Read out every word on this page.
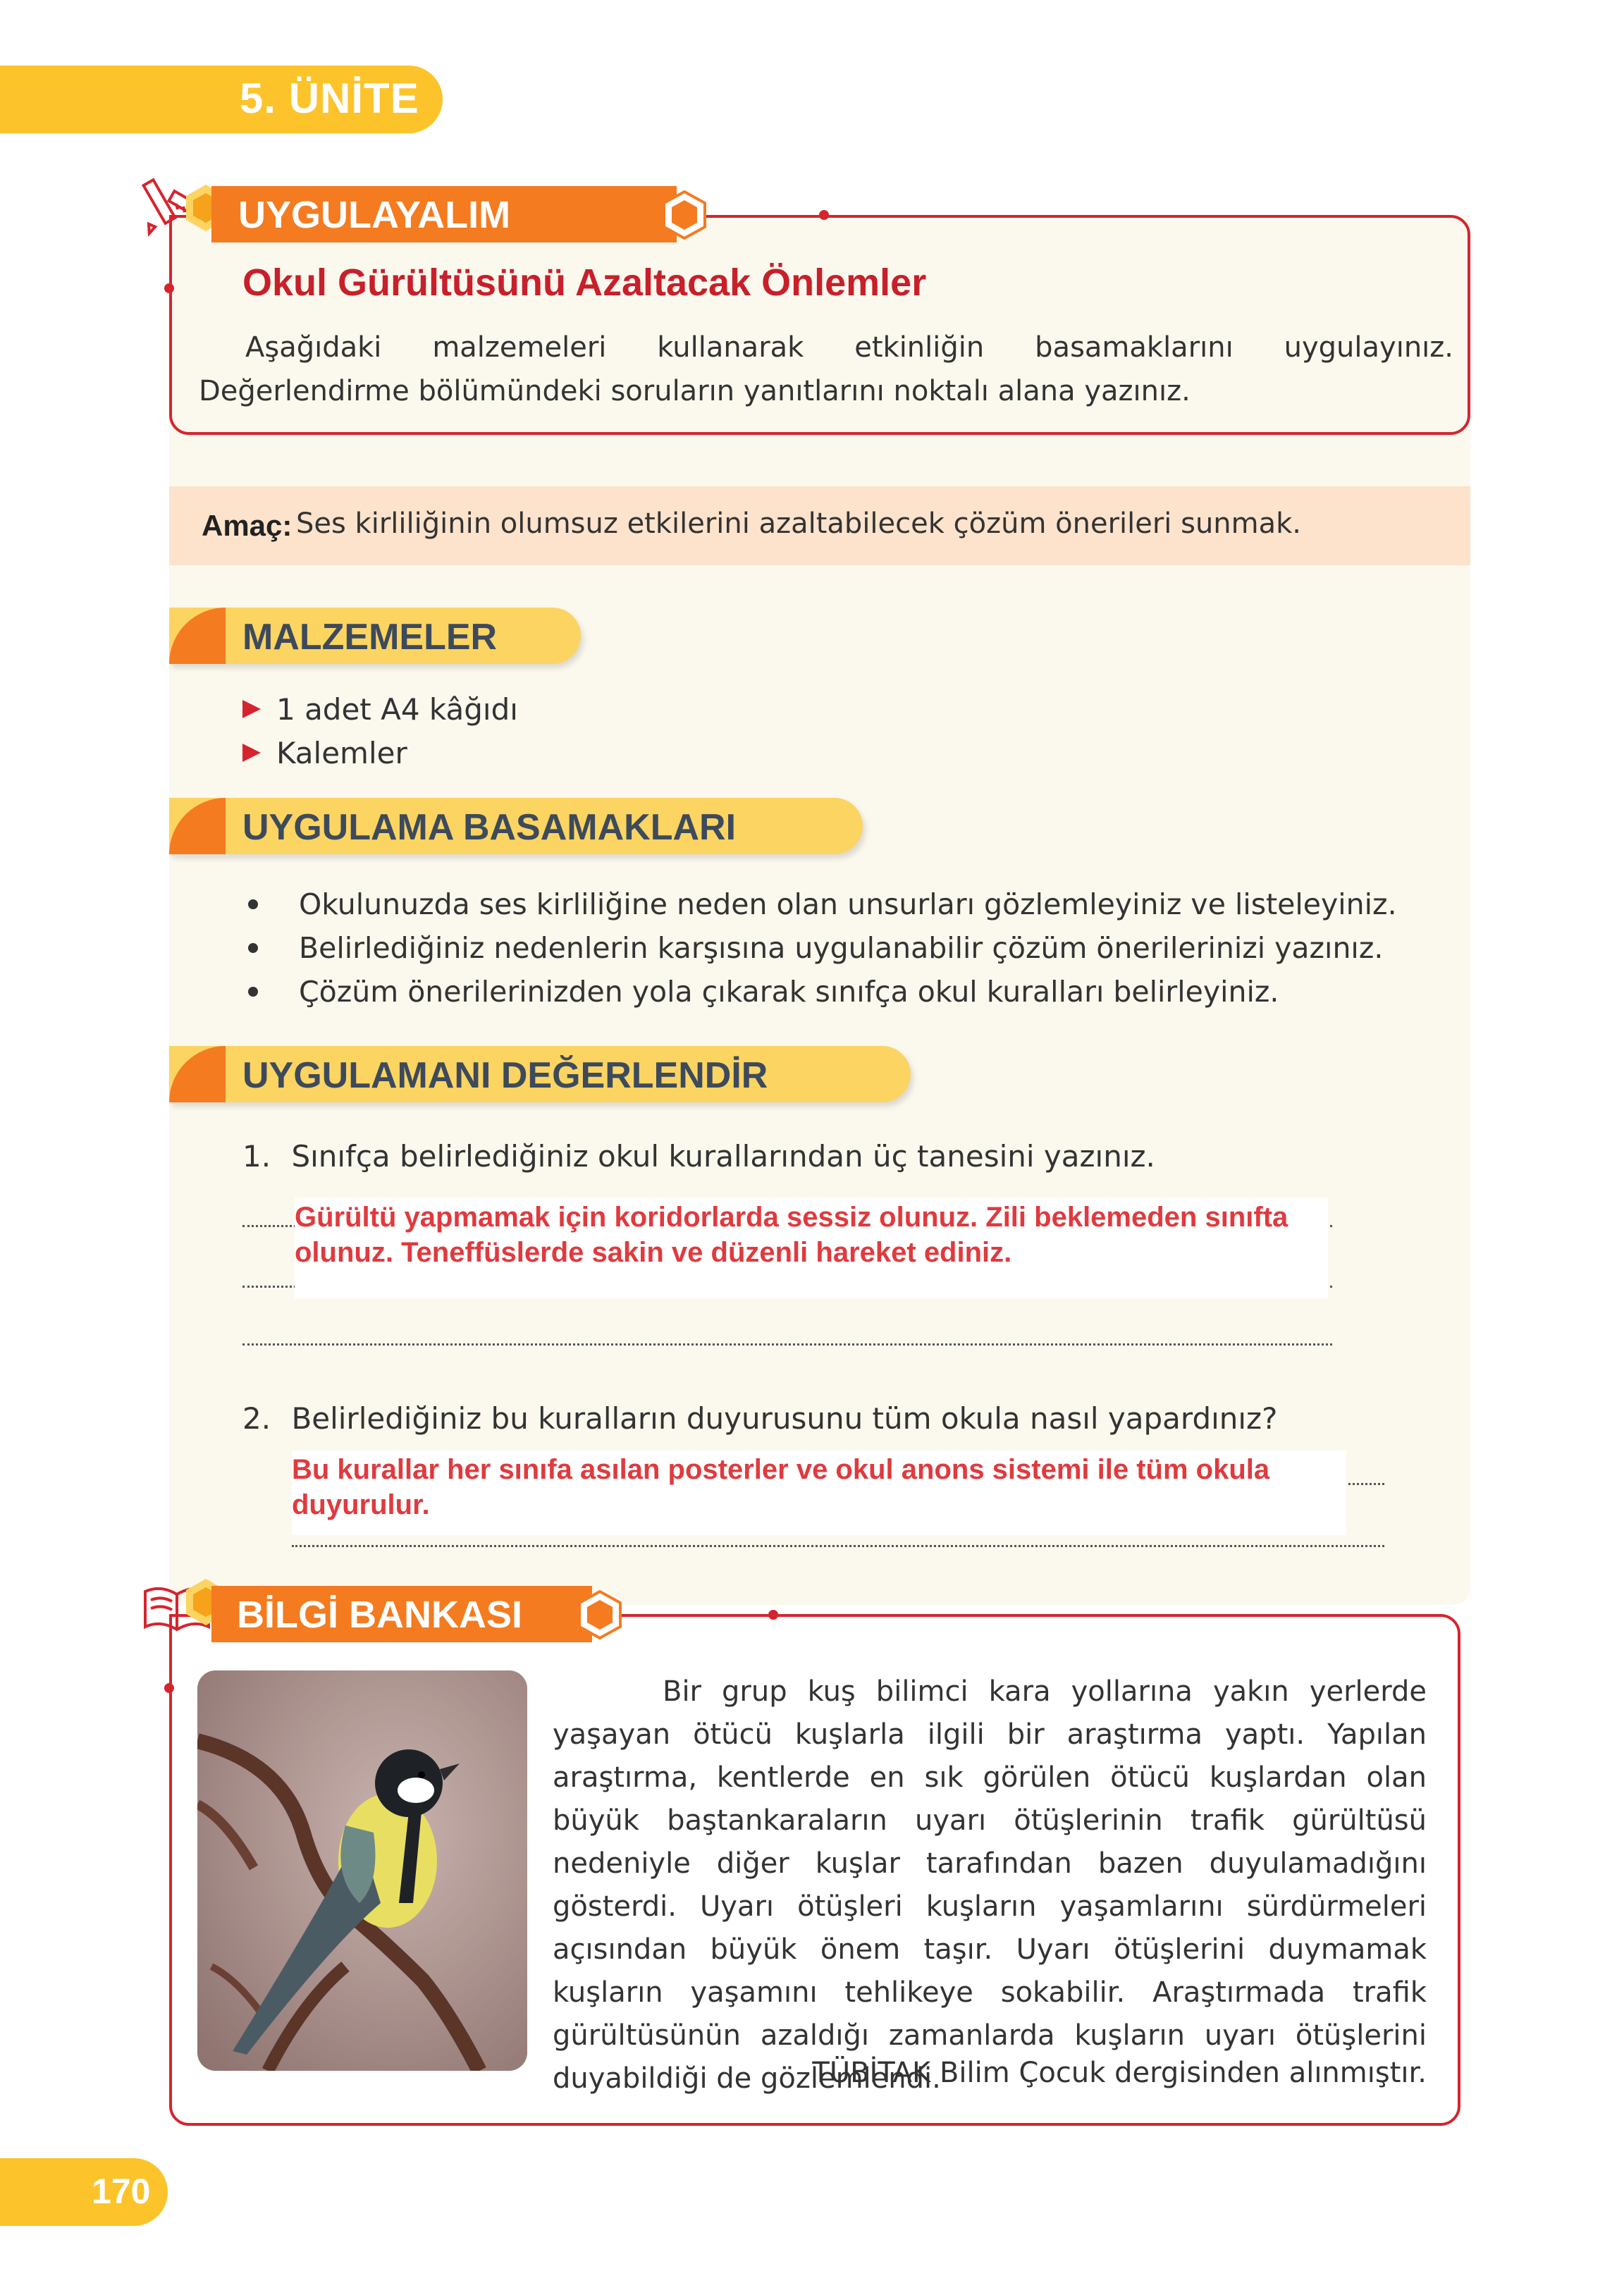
5. ÜNİTE
UYGULAYALIM
Okul Gürültüsünü Azaltacak Önlemler
Aşağıdaki malzemeleri kullanarak etkinliğin basamaklarını uygulayınız. Değerlendirme bölümündeki soruların yanıtlarını noktalı alana yazınız.
Amaç: Ses kirliliğinin olumsuz etkilerini azaltabilecek çözüm önerileri sunmak.
MALZEMELER
1 adet A4 kâğıdı
Kalemler
UYGULAMA BASAMAKLARI
Okulunuzda ses kirliliğine neden olan unsurları gözlemleyiniz ve listeleyiniz.
Belirlediğiniz nedenlerin karşısına uygulanabilir çözüm önerilerinizi yazınız.
Çözüm önerilerinizden yola çıkarak sınıfça okul kuralları belirleyiniz.
UYGULAMANI DEĞERLENDİR
1. Sınıfça belirlediğiniz okul kurallarından üç tanesini yazınız.
Gürültü yapmamak için koridorlarda sessiz olunuz. Zili beklemeden sınıfta olunuz. Teneffüslerde sakin ve düzenli hareket ediniz.
2. Belirlediğiniz bu kuralların duyurusunu tüm okula nasıl yapardınız?
Bu kurallar her sınıfa asılan posterler ve okul anons sistemi ile tüm okula duyurulur.
BİLGİ BANKASI
Bir grup kuş bilimci kara yollarına yakın yerlerde yaşayan ötücü kuşlarla ilgili bir araştırma yaptı. Yapılan araştırma, kentlerde en sık görülen ötücü kuşlardan olan büyük baştankaraların uyarı ötüşlerinin trafik gürültüsü nedeniyle diğer kuşlar tarafından bazen duyulamadığını gösterdi. Uyarı ötüşleri kuşların yaşamlarını sürdürmeleri açısından büyük önem taşır. Uyarı ötüşlerini duymamak kuşların yaşamını tehlikeye sokabilir. Araştırmada trafik gürültüsünün azaldığı zamanlarda kuşların uyarı ötüşlerini duyabildiği de gözlemlendi.
TÜBİTAK Bilim Çocuk dergisinden alınmıştır.
170
